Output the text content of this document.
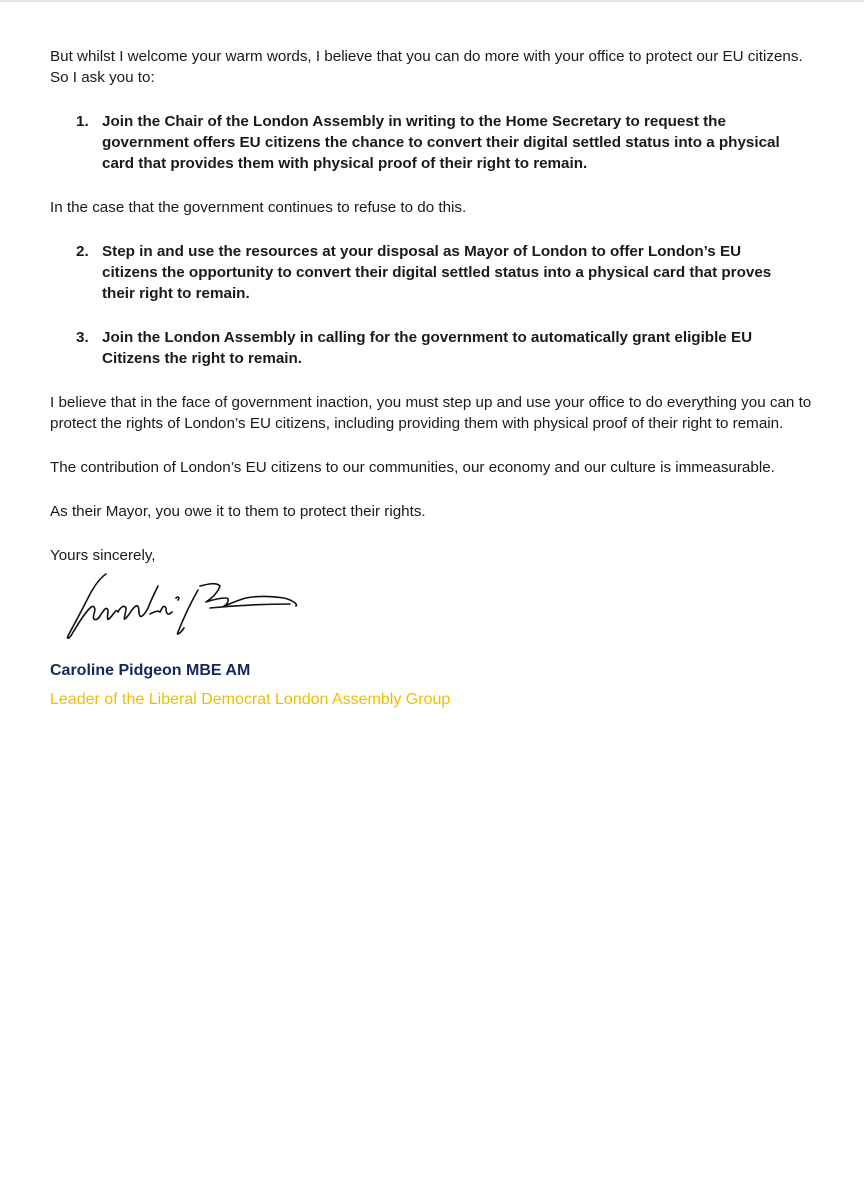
But whilst I welcome your warm words, I believe that you can do more with your office to protect our EU citizens. So I ask you to:

1. Join the Chair of the London Assembly in writing to the Home Secretary to request the government offers EU citizens the chance to convert their digital settled status into a physical card that provides them with physical proof of their right to remain.

In the case that the government continues to refuse to do this.

2. Step in and use the resources at your disposal as Mayor of London to offer London’s EU citizens the opportunity to convert their digital settled status into a physical card that proves their right to remain.
3. Join the London Assembly in calling for the government to automatically grant eligible EU Citizens the right to remain.

I believe that in the face of government inaction, you must step up and use your office to do everything you can to protect the rights of London’s EU citizens, including providing them with physical proof of their right to remain.

The contribution of London’s EU citizens to our communities, our economy and our culture is immeasurable.

As their Mayor, you owe it to them to protect their rights.

Yours sincerely,

Caroline Pidgeon MBE AM
Leader of the Liberal Democrat London Assembly Group
